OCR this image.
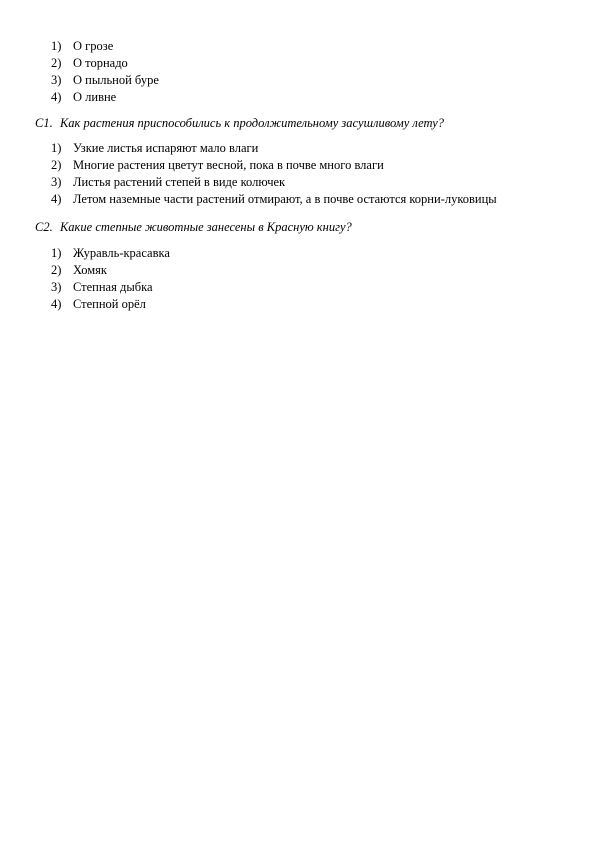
1) О грозе
2) О торнадо
3) О пыльной буре
4) О ливне
С1. Как растения приспособились к продолжительному засушливому лету?
1) Узкие листья испаряют мало влаги
2) Многие растения цветут весной, пока в почве много влаги
3) Листья растений степей в виде колючек
4) Летом наземные части растений отмирают, а в почве остаются корни-луковицы
С2. Какие степные животные занесены в Красную книгу?
1) Журавль-красавка
2) Хомяк
3) Степная дыбка
4) Степной орёл
